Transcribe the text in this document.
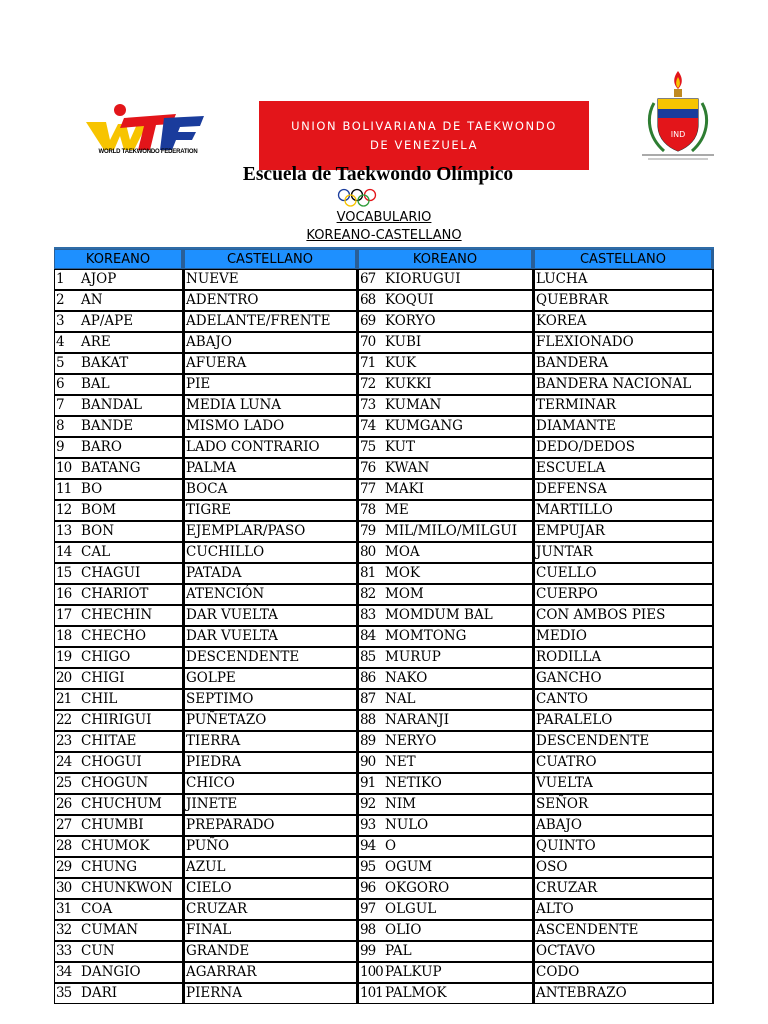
WORLD TAEKWONDO FEDERATION
UNION BOLIVARIANA DE TAEKWONDO
DE VENEZUELA
IND
Escuela de Taekwondo Olímpico
VOCABULARIO
KOREANO-CASTELLANO
KOREANO	CASTELLANO	KOREANO	CASTELLANO
1 AJOP	NUEVE	67 KIORUGUI	LUCHA
2 AN	ADENTRO	68 KOQUI	QUEBRAR
3 AP/APE	ADELANTE/FRENTE	69 KORYO	KOREA
4 ARE	ABAJO	70 KUBI	FLEXIONADO
5 BAKAT	AFUERA	71 KUK	BANDERA
6 BAL	PIE	72 KUKKI	BANDERA NACIONAL
7 BANDAL	MEDIA LUNA	73 KUMAN	TERMINAR
8 BANDE	MISMO LADO	74 KUMGANG	DIAMANTE
9 BARO	LADO CONTRARIO	75 KUT	DEDO/DEDOS
10 BATANG	PALMA	76 KWAN	ESCUELA
11 BO	BOCA	77 MAKI	DEFENSA
12 BOM	TIGRE	78 ME	MARTILLO
13 BON	EJEMPLAR/PASO	79 MIL/MILO/MILGUI	EMPUJAR
14 CAL	CUCHILLO	80 MOA	JUNTAR
15 CHAGUI	PATADA	81 MOK	CUELLO
16 CHARIOT	ATENCIÓN	82 MOM	CUERPO
17 CHECHIN	DAR VUELTA	83 MOMDUM BAL	CON AMBOS PIES
18 CHECHO	DAR VUELTA	84 MOMTONG	MEDIO
19 CHIGO	DESCENDENTE	85 MURUP	RODILLA
20 CHIGI	GOLPE	86 NAKO	GANCHO
21 CHIL	SEPTIMO	87 NAL	CANTO
22 CHIRIGUI	PUÑETAZO	88 NARANJI	PARALELO
23 CHITAE	TIERRA	89 NERYO	DESCENDENTE
24 CHOGUI	PIEDRA	90 NET	CUATRO
25 CHOGUN	CHICO	91 NETIKO	VUELTA
26 CHUCHUM	JINETE	92 NIM	SEÑOR
27 CHUMBI	PREPARADO	93 NULO	ABAJO
28 CHUMOK	PUÑO	94 O	QUINTO
29 CHUNG	AZUL	95 OGUM	OSO
30 CHUNKWON	CIELO	96 OKGORO	CRUZAR
31 COA	CRUZAR	97 OLGUL	ALTO
32 CUMAN	FINAL	98 OLIO	ASCENDENTE
33 CUN	GRANDE	99 PAL	OCTAVO
34 DANGIO	AGARRAR	100 PALKUP	CODO
35 DARI	PIERNA	101 PALMOK	ANTEBRAZO
